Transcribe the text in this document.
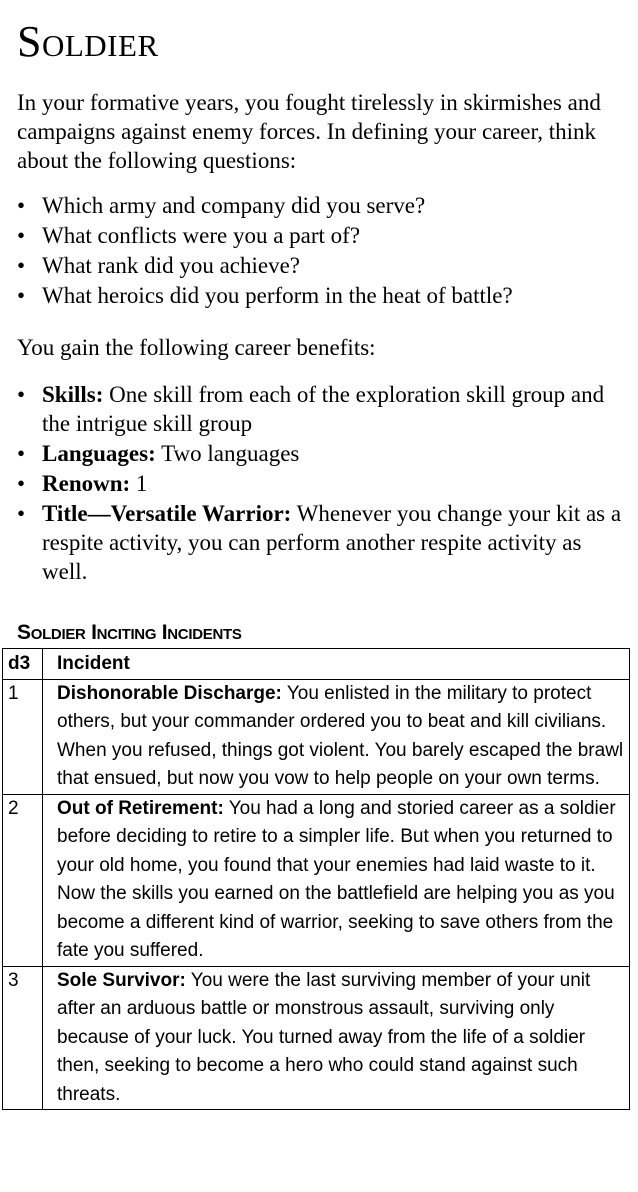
Soldier

In your formative years, you fought tirelessly in skirmishes and campaigns against enemy forces. In defining your career, think about the following questions:

• Which army and company did you serve?
• What conflicts were you a part of?
• What rank did you achieve?
• What heroics did you perform in the heat of battle?

You gain the following career benefits:

• Skills: One skill from each of the exploration skill group and the intrigue skill group
• Languages: Two languages
• Renown: 1
• Title—Versatile Warrior: Whenever you change your kit as a respite activity, you can perform another respite activity as well.
Soldier Inciting Incidents
d3	Incident
1	Dishonorable Discharge: You enlisted in the military to protect others, but your commander ordered you to beat and kill civilians. When you refused, things got violent. You barely escaped the brawl that ensued, but now you vow to help people on your own terms.
2	Out of Retirement: You had a long and storied career as a soldier before deciding to retire to a simpler life. But when you returned to your old home, you found that your enemies had laid waste to it. Now the skills you earned on the battlefield are helping you as you become a different kind of warrior, seeking to save others from the fate you suffered.
3	Sole Survivor: You were the last surviving member of your unit after an arduous battle or monstrous assault, surviving only because of your luck. You turned away from the life of a soldier then, seeking to become a hero who could stand against such threats.
